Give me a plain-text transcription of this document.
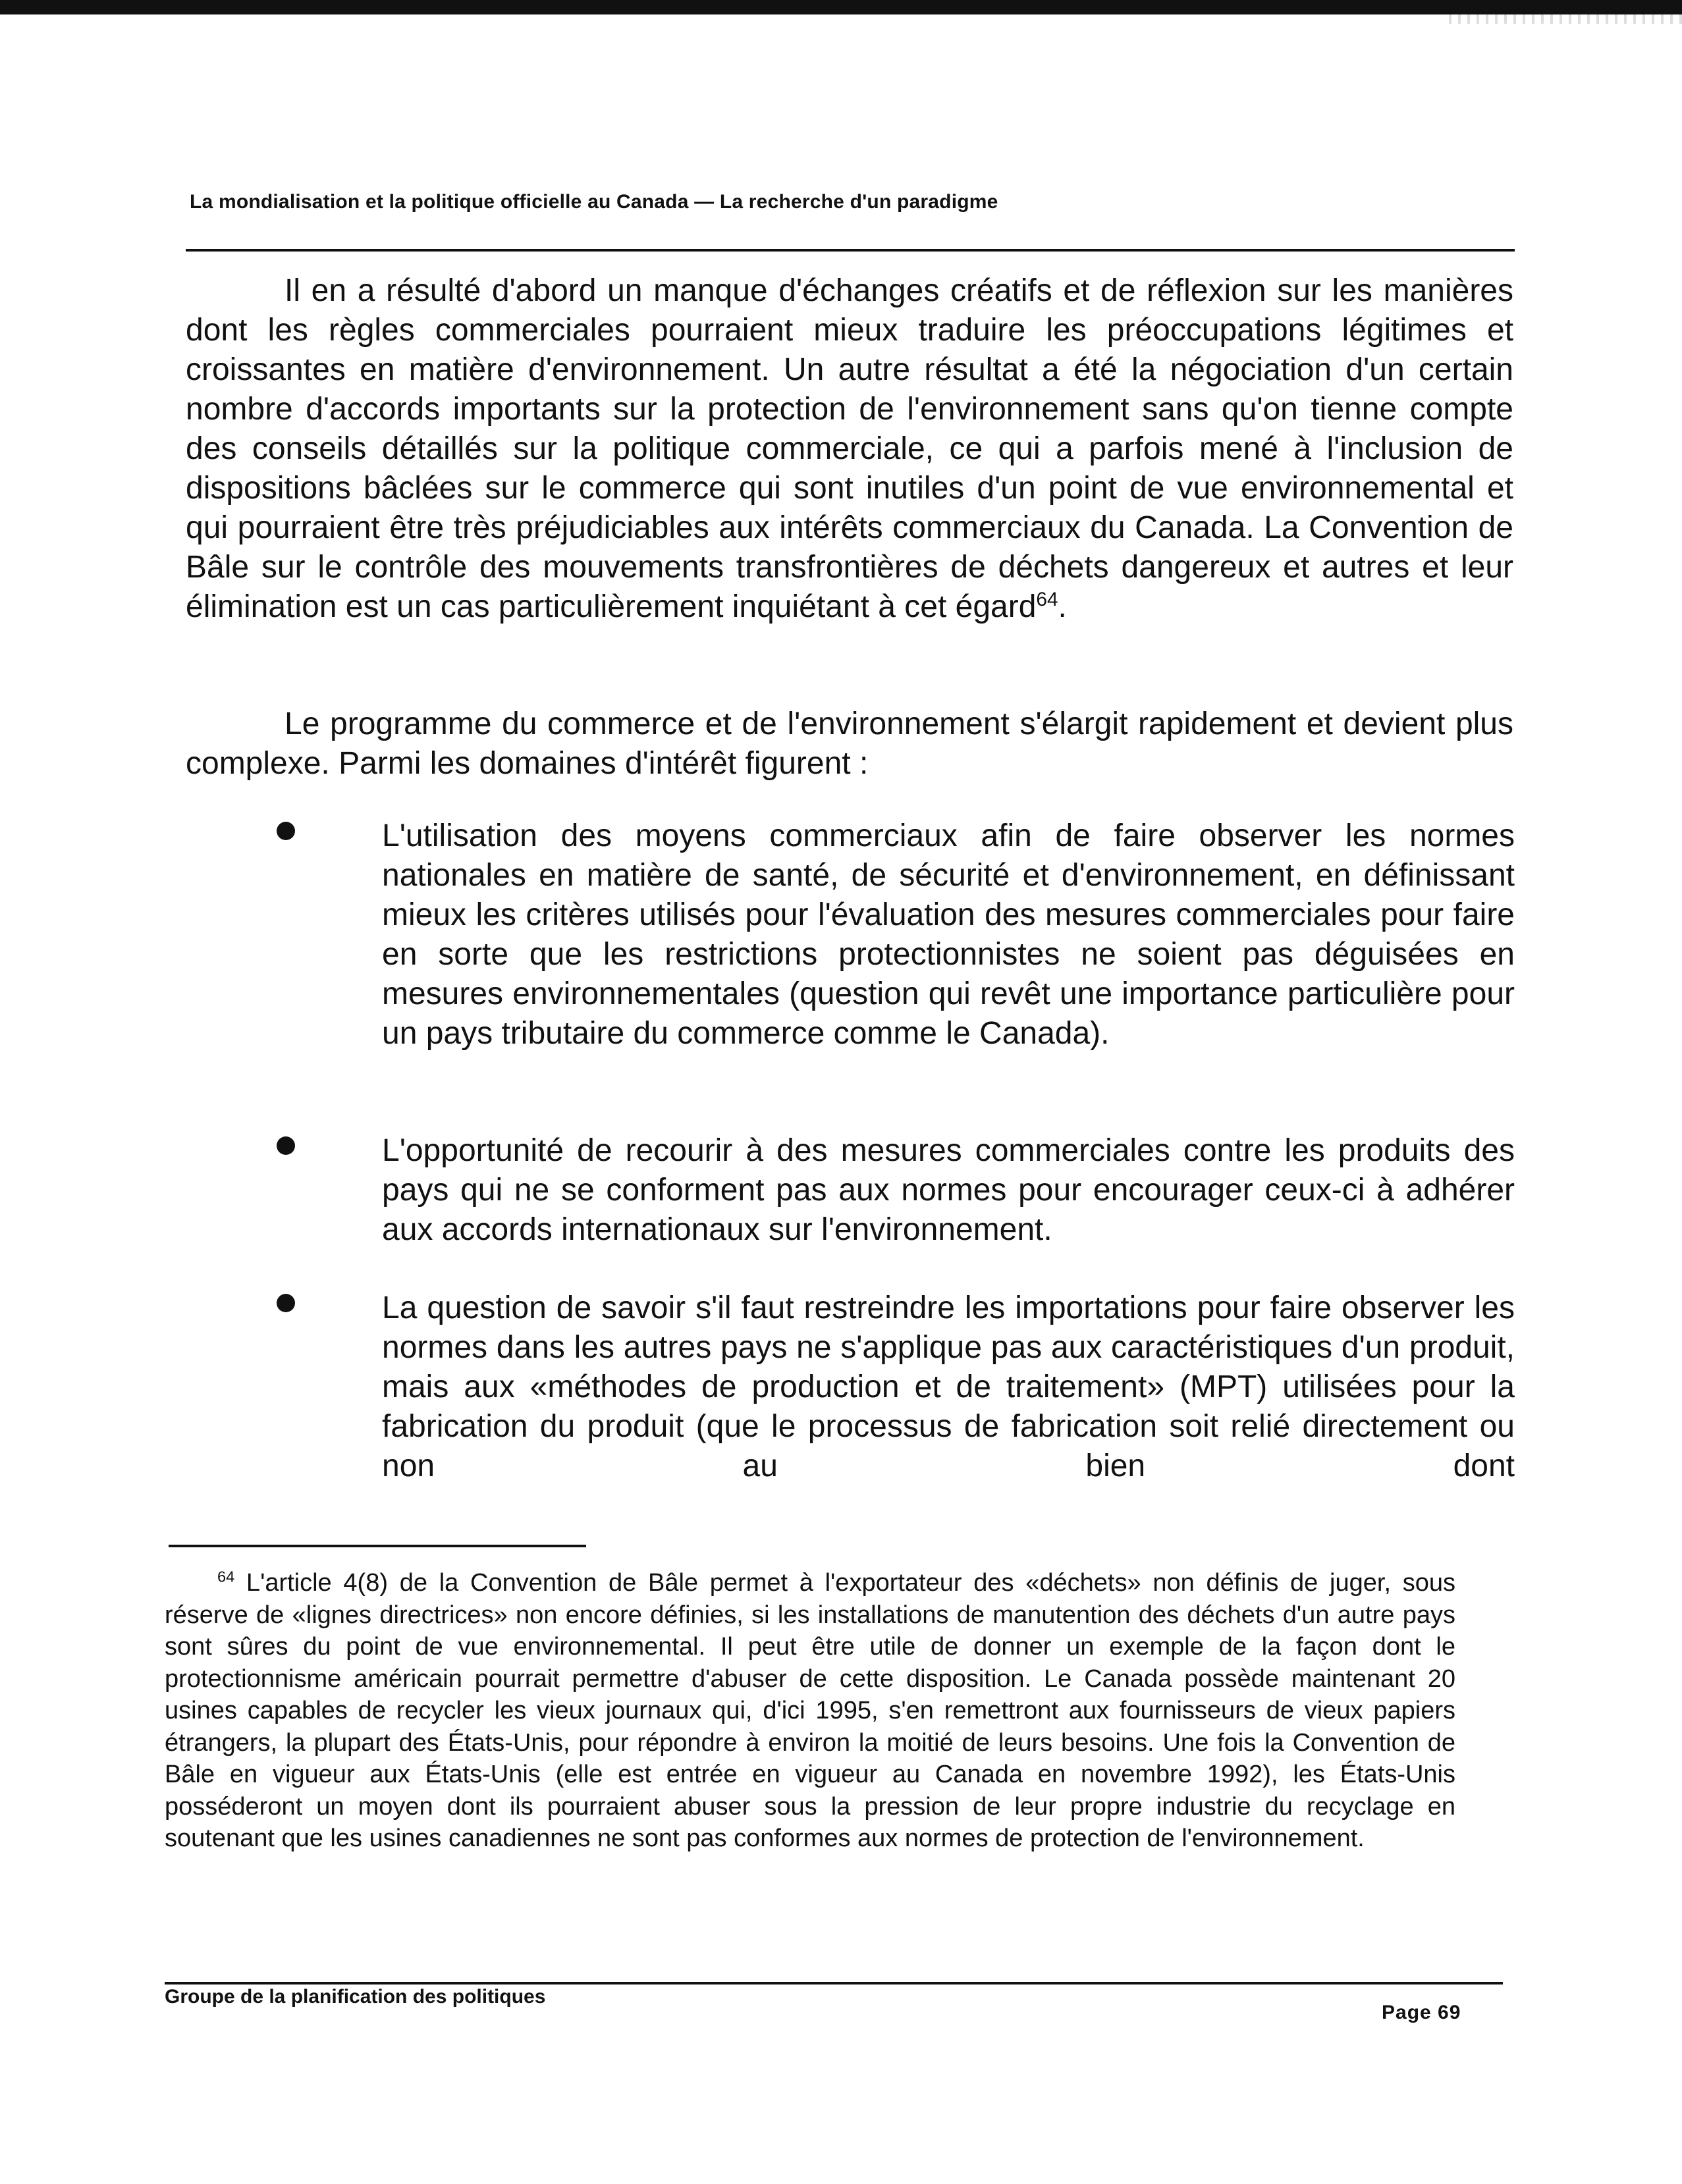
La mondialisation et la politique officielle au Canada — La recherche d'un paradigme
Il en a résulté d'abord un manque d'échanges créatifs et de réflexion sur les manières dont les règles commerciales pourraient mieux traduire les préoccupations légitimes et croissantes en matière d'environnement. Un autre résultat a été la négociation d'un certain nombre d'accords importants sur la protection de l'environnement sans qu'on tienne compte des conseils détaillés sur la politique commerciale, ce qui a parfois mené à l'inclusion de dispositions bâclées sur le commerce qui sont inutiles d'un point de vue environnemental et qui pourraient être très préjudiciables aux intérêts commerciaux du Canada. La Convention de Bâle sur le contrôle des mouvements transfrontières de déchets dangereux et autres et leur élimination est un cas particulièrement inquiétant à cet égard$^{64}$.
Le programme du commerce et de l'environnement s'élargit rapidement et devient plus complexe. Parmi les domaines d'intérêt figurent :
L'utilisation des moyens commerciaux afin de faire observer les normes nationales en matière de santé, de sécurité et d'environnement, en définissant mieux les critères utilisés pour l'évaluation des mesures commerciales pour faire en sorte que les restrictions protectionnistes ne soient pas déguisées en mesures environnementales (question qui revêt une importance particulière pour un pays tributaire du commerce comme le Canada).
L'opportunité de recourir à des mesures commerciales contre les produits des pays qui ne se conforment pas aux normes pour encourager ceux-ci à adhérer aux accords internationaux sur l'environnement.
La question de savoir s'il faut restreindre les importations pour faire observer les normes dans les autres pays ne s'applique pas aux caractéristiques d'un produit, mais aux «méthodes de production et de traitement» (MPT) utilisées pour la fabrication du produit (que le processus de fabrication soit relié directement ou non au bien dont
$^{64}$ L'article 4(8) de la Convention de Bâle permet à l'exportateur des «déchets» non définis de juger, sous réserve de «lignes directrices» non encore définies, si les installations de manutention des déchets d'un autre pays sont sûres du point de vue environnemental. Il peut être utile de donner un exemple de la façon dont le protectionnisme américain pourrait permettre d'abuser de cette disposition. Le Canada possède maintenant 20 usines capables de recycler les vieux journaux qui, d'ici 1995, s'en remettront aux fournisseurs de vieux papiers étrangers, la plupart des États-Unis, pour répondre à environ la moitié de leurs besoins. Une fois la Convention de Bâle en vigueur aux États-Unis (elle est entrée en vigueur au Canada en novembre 1992), les États-Unis posséderont un moyen dont ils pourraient abuser sous la pression de leur propre industrie du recyclage en soutenant que les usines canadiennes ne sont pas conformes aux normes de protection de l'environnement.
Groupe de la planification des politiques
Page 69
